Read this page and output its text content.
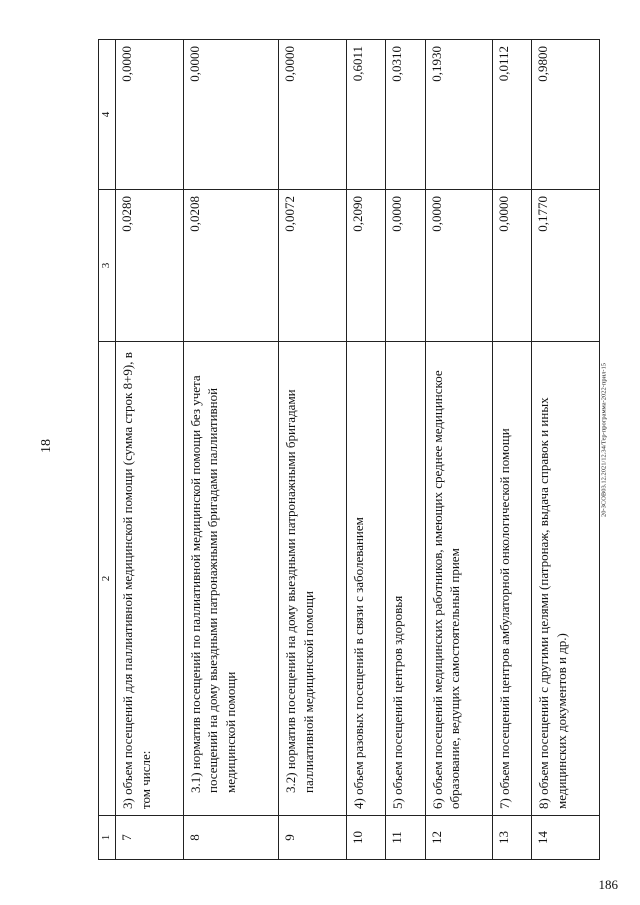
18	20-ЗСОВ03.12.2021/12.34/Тер-программа-2022-прил-15
186
1	2	3	4
7	3) объем посещений для паллиативной медицинской помощи (сумма строк 8+9), в том числе:	0,0280	0,0000
8	3.1) норматив посещений по паллиативной медицинской помощи без учета посещений на дому выездными патронажными бригадами паллиативной медицинской помощи	0,0208	0,0000
9	3.2) норматив посещений на дому выездными патронажными бригадами паллиативной медицинской помощи	0,0072	0,0000
10	4) объем разовых посещений в связи с заболеванием	0,2090	0,6011
11	5) объем посещений центров здоровья	0,0000	0,0310
12	6) объем посещений медицинских работников, имеющих среднее медицинское образование, ведущих самостоятельный прием	0,0000	0,1930
13	7) объем посещений центров амбулаторной онкологической помощи	0,0000	0,0112
14	8) объем посещений с другими целями (патронаж, выдача справок и иных медицинских документов и др.)	0,1770	0,9800
